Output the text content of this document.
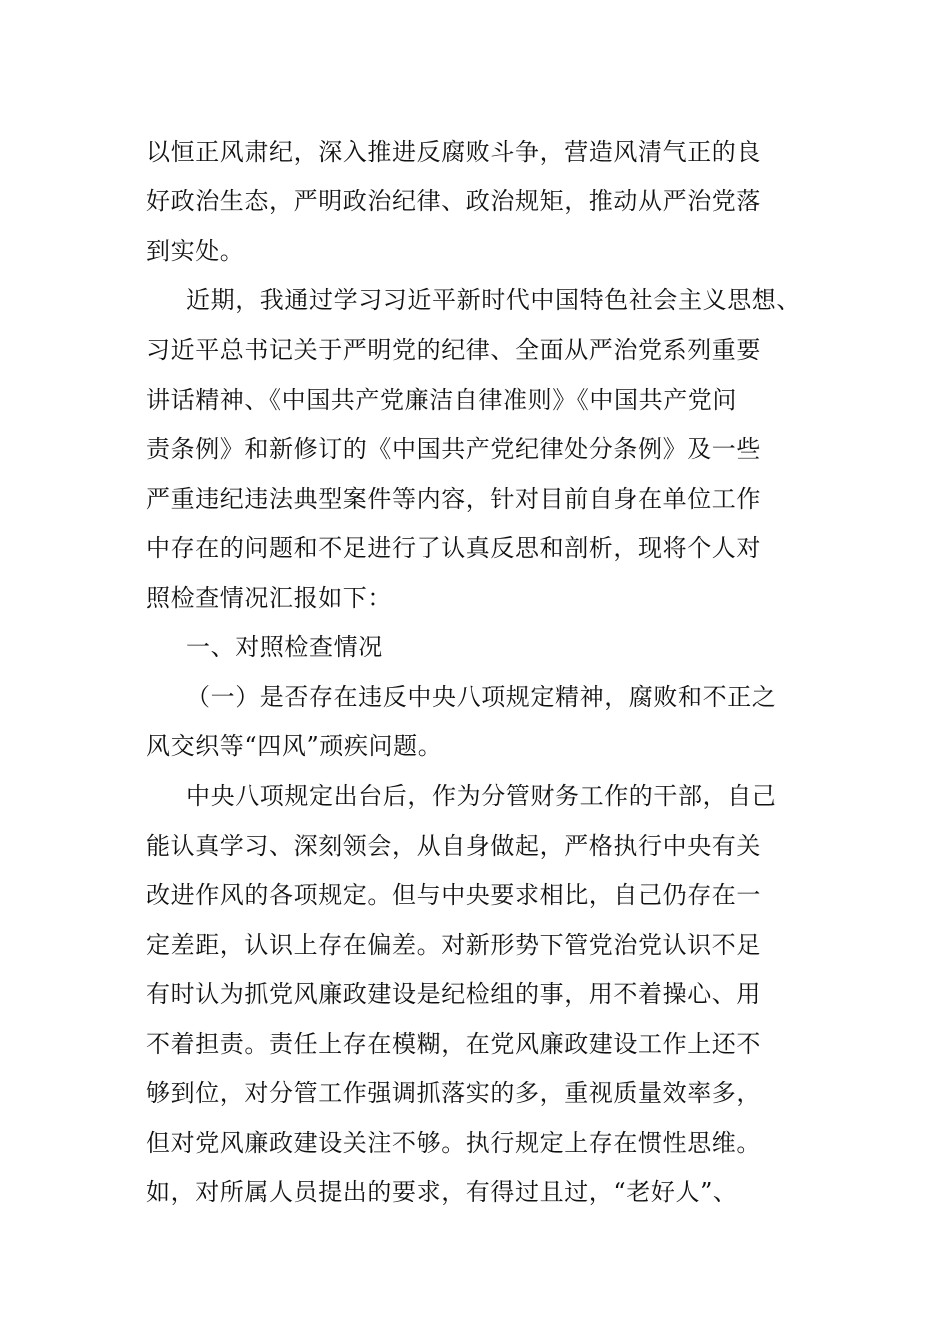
以恒正风肃纪，深入推进反腐败斗争，营造风清气正的良
好政治生态，严明政治纪律、政治规矩，推动从严治党落
到实处。
近期，我通过学习习近平新时代中国特色社会主义思想、
习近平总书记关于严明党的纪律、全面从严治党系列重要
讲话精神、《中国共产党廉洁自律准则》《中国共产党问
责条例》和新修订的《中国共产党纪律处分条例》及一些
严重违纪违法典型案件等内容，针对目前自身在单位工作
中存在的问题和不足进行了认真反思和剖析，现将个人对
照检查情况汇报如下：
一、对照检查情况
（一）是否存在违反中央八项规定精神，腐败和不正之
风交织等“四风”顽疾问题。
中央八项规定出台后，作为分管财务工作的干部，自己
能认真学习、深刻领会，从自身做起，严格执行中央有关
改进作风的各项规定。但与中央要求相比，自己仍存在一
定差距，认识上存在偏差。对新形势下管党治党认识不足
有时认为抓党风廉政建设是纪检组的事，用不着操心、用
不着担责。责任上存在模糊，在党风廉政建设工作上还不
够到位，对分管工作强调抓落实的多，重视质量效率多，
但对党风廉政建设关注不够。执行规定上存在惯性思维。
如，对所属人员提出的要求，有得过且过，“老好人”、
